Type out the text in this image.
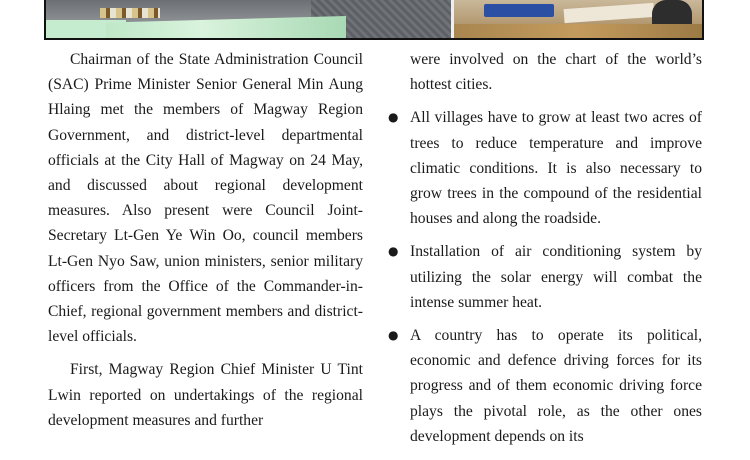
Chairman of the State Administration Council (SAC) Prime Minister Senior General Min Aung Hlaing met the members of Magway Region Government, and district-level departmental officials at the City Hall of Magway on 24 May, and discussed about regional development measures. Also present were Council Joint-Secretary Lt-Gen Ye Win Oo, council members Lt-Gen Nyo Saw, union ministers, senior military officers from the Office of the Commander-in-Chief, regional government members and district-level officials.

First, Magway Region Chief Minister U Tint Lwin reported on undertakings of the regional development measures and further

were involved on the chart of the world’s hottest cities.
● All villages have to grow at least two acres of trees to reduce temperature and improve climatic conditions. It is also necessary to grow trees in the compound of the residential houses and along the roadside.
● Installation of air conditioning system by utilizing the solar energy will combat the intense summer heat.
● A country has to operate its political, economic and defence driving forces for its progress and of them economic driving force plays the pivotal role, as the other ones development depends on its
